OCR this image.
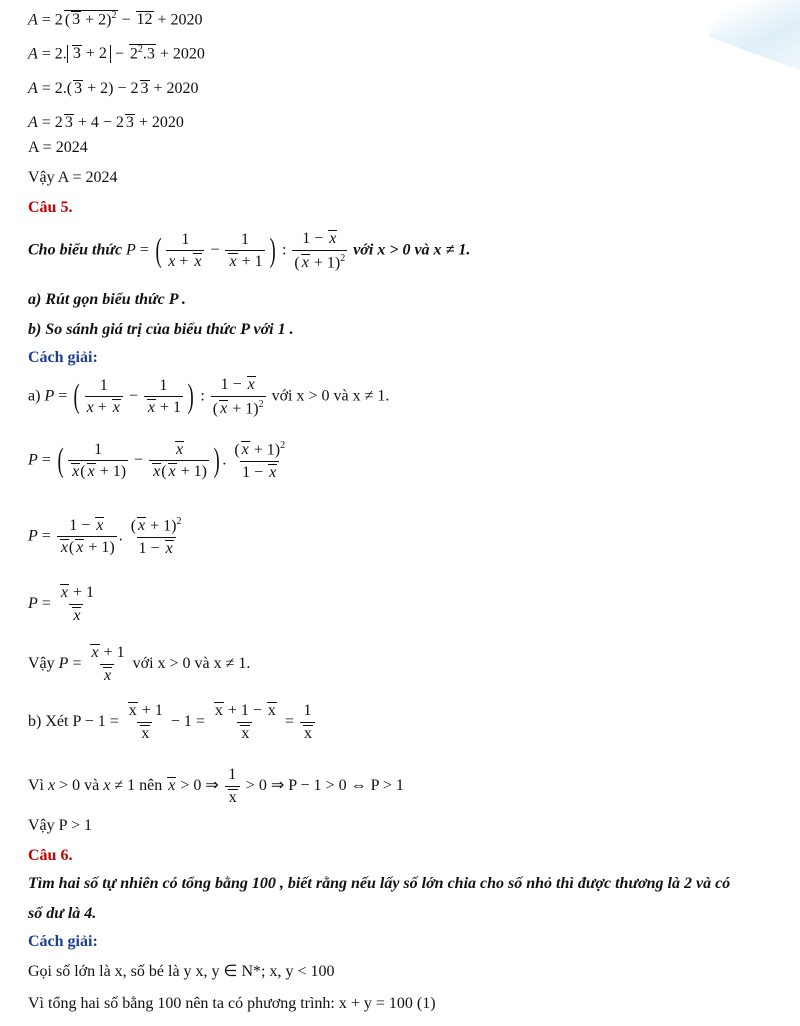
A = 2 ( 3 + 2)$^2$ − 12 + 2020
A = 2. $3 + 2 - 2^2.3 + 2020$
A = 2.( 3 + 2) − 2 3 + 2020
A = 2 3 + 4 − 2 3 + 2020
A = 2024
Vậy A = 2024
Câu 5.
Cho biểu thức P = ( $\frac{1}{x + x} - \frac{1}{x + 1}$ ) : $\frac{1 - x}{( x + 1)^2}$ với x > 0 và x ≠ 1.
a) Rút gọn biểu thức P .
b) So sánh giá trị của biểu thức P với 1 .
Cách giải:
a) P = ( $\frac{1}{x + x} - \frac{1}{x + 1}$ ) : $\frac{1 - x}{( x + 1)^2}$ với x > 0 và x ≠ 1.
P = ( $\frac{1}{x( x + 1)} - \frac{x}{x( x + 1)}$ ) . $\frac{( x + 1)^2}{1 - x}$
$P = \frac{1 - x}{x( x + 1)}$ . $\frac{( x + 1)^2}{1 - x}$
$P = \frac{x + 1}{x}$
Vậy $P = \frac{x + 1}{x}$ với x > 0 và x ≠ 1.
b) Xét $P - 1 = \frac{x + 1}{x} - 1 = \frac{x + 1 - x}{x} = \frac{1}{x}$
Vì x > 0 và x ≠ 1 nên x > 0 ⇒ $\frac{1}{x} > 0$ ⇒ P − 1 > 0 ⇔ P > 1
Vậy P > 1
Câu 6.
Tìm hai số tự nhiên có tổng bằng 100 , biết rằng nếu lấy số lớn chia cho số nhỏ thì được thương là 2 và có
số dư là 4.
Cách giải:
Gọi số lớn là x, số bé là y x, y ∈ N*; x, y < 100
Vì tổng hai số bằng 100 nên ta có phương trình: x + y = 100 (1)
